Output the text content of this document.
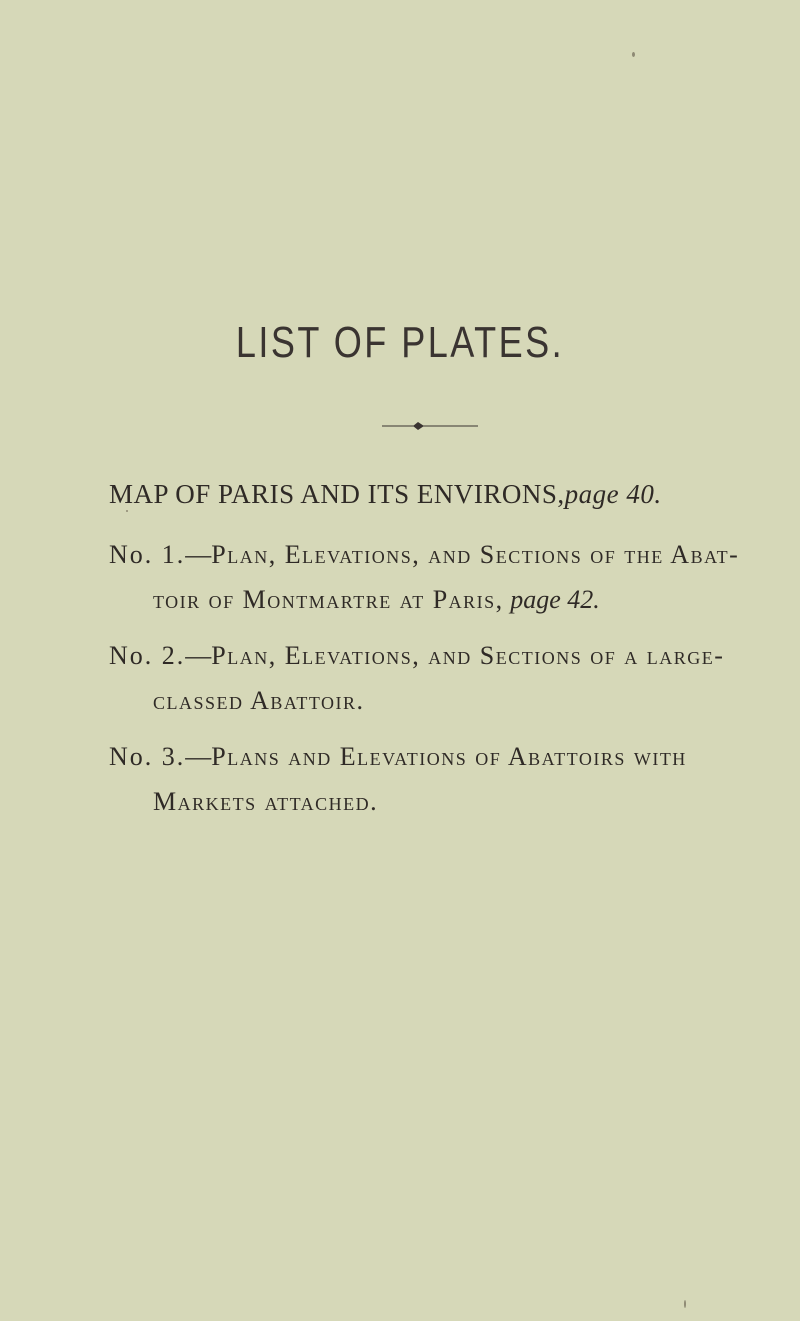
LIST OF PLATES.
MAP OF PARIS AND ITS ENVIRONS,page 40.
No. 1.—Plan, Elevations, and Sections of the Abat-
toir of Montmartre at Paris, page 42.
No. 2.—Plan, Elevations, and Sections of a large-
classed Abattoir.
No. 3.—Plans and Elevations of Abattoirs with
Markets attached.
